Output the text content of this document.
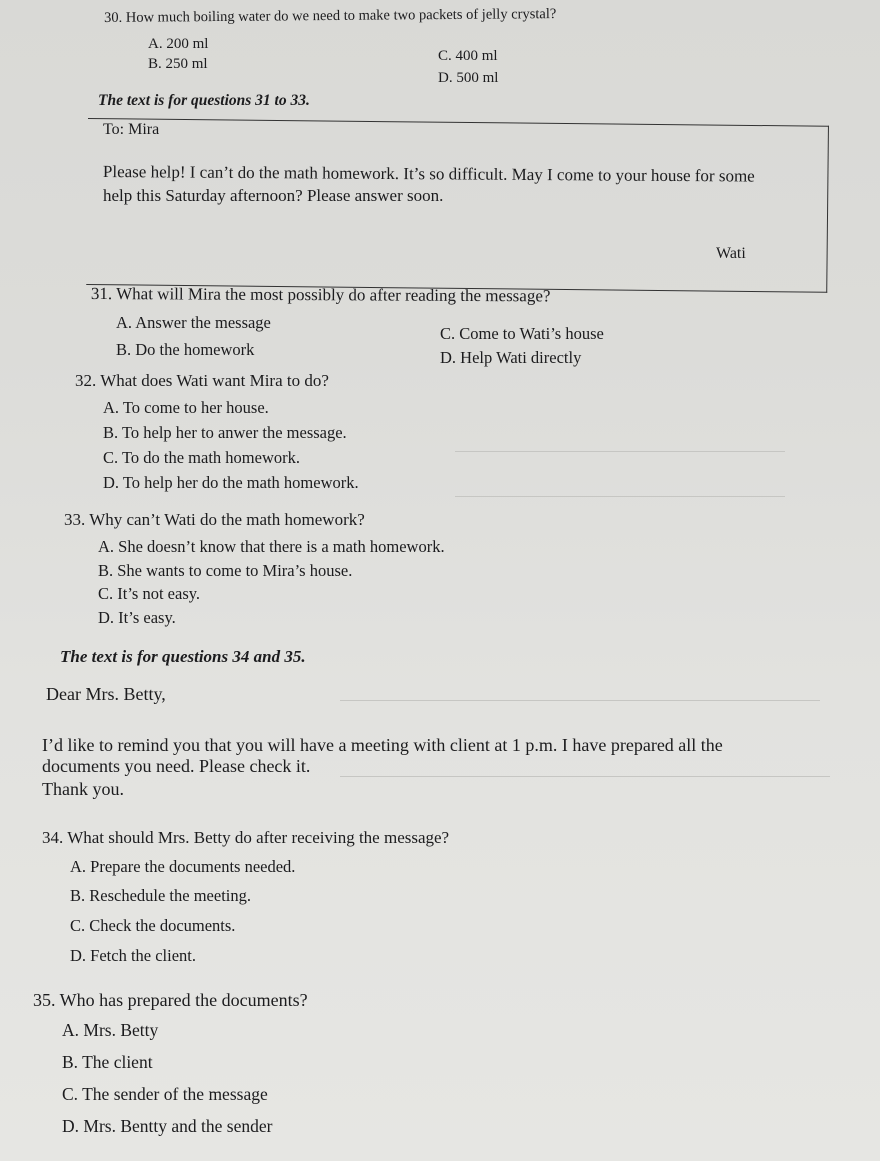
30. How much boiling water do we need to make two packets of jelly crystal?
A. 200 ml
B. 250 ml	C. 400 ml
D. 500 ml
The text is for questions 31 to 33.
To: Mira
Please help! I can’t do the math homework. It’s so difficult. May I come to your house for some
help this Saturday afternoon? Please answer soon.
Wati
31. What will Mira the most possibly do after reading the message?
A. Answer the message
B. Do the homework
C. Come to Wati’s house
D. Help Wati directly
32. What does Wati want Mira to do?
A. To come to her house.
B. To help her to anwer the message.
C. To do the math homework.
D. To help her do the math homework.
33. Why can’t Wati do the math homework?
A. She doesn’t know that there is a math homework.
B. She wants to come to Mira’s house.
C. It’s not easy.
D. It’s easy.
The text is for questions 34 and 35.
Dear Mrs. Betty,
I’d like to remind you that you will have a meeting with client at 1 p.m. I have prepared all the
documents you need. Please check it.
Thank you.
34. What should Mrs. Betty do after receiving the message?
A. Prepare the documents needed.
B. Reschedule the meeting.
C. Check the documents.
D. Fetch the client.
35. Who has prepared the documents?
A. Mrs. Betty
B. The client
C. The sender of the message
D. Mrs. Bentty and the sender
